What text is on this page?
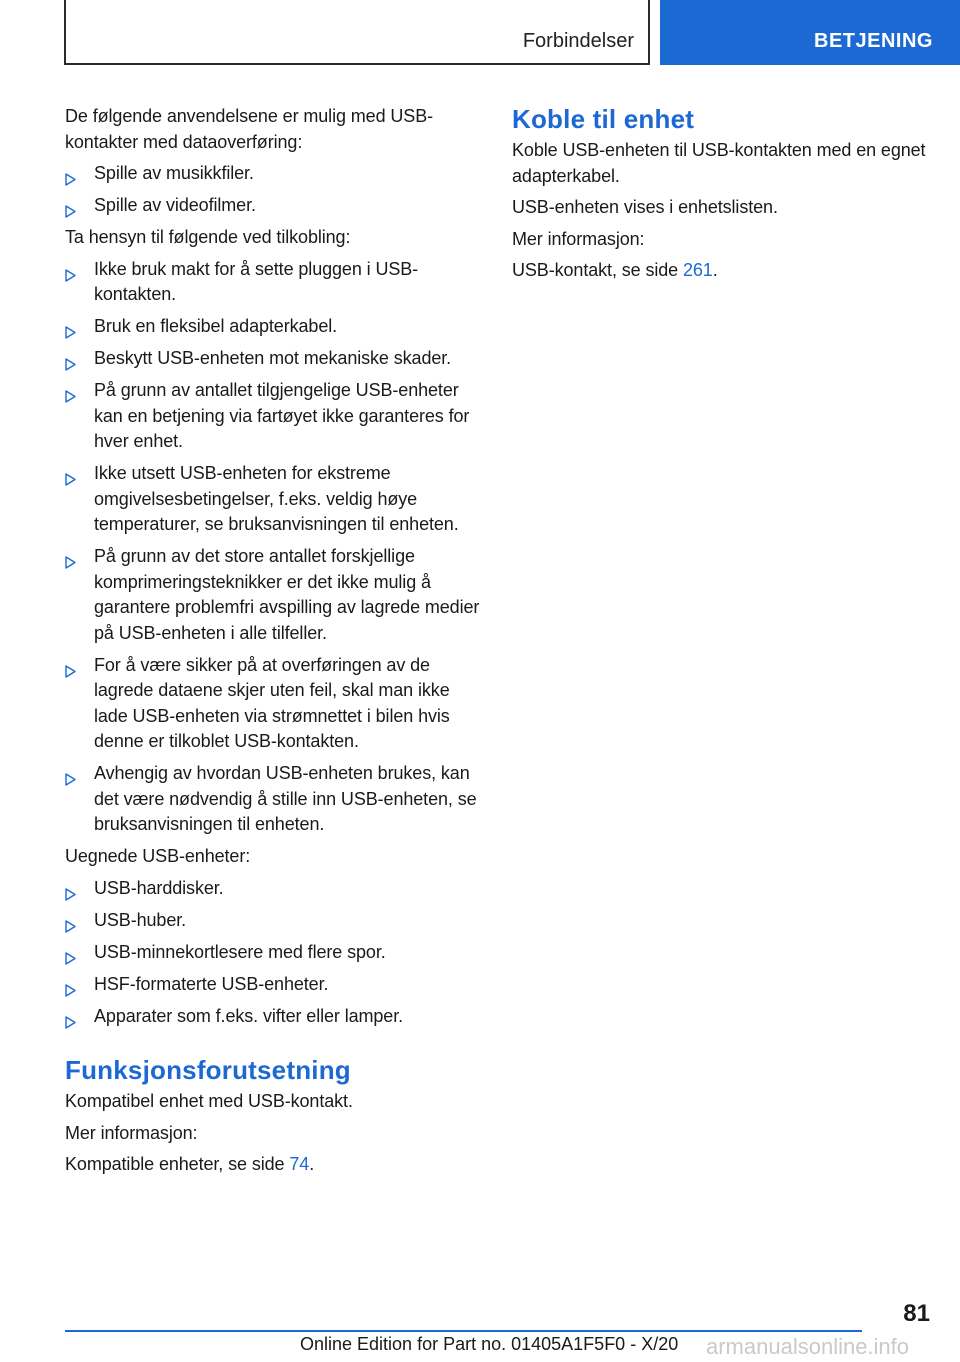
Forbindelser	BETJENING

De følgende anvendelsene er mulig med USB-kontakter med dataoverføring:

Spille av musikkfiler.
Spille av videofilmer.

Ta hensyn til følgende ved tilkobling:

Ikke bruk makt for å sette pluggen i USB-kontakten.
Bruk en fleksibel adapterkabel.
Beskytt USB-enheten mot mekaniske skader.
På grunn av antallet tilgjengelige USB-enheter kan en betjening via fartøyet ikke garanteres for hver enhet.
Ikke utsett USB-enheten for ekstreme omgivelsesbetingelser, f.eks. veldig høye temperaturer, se bruksanvisningen til enheten.
På grunn av det store antallet forskjellige komprimeringsteknikker er det ikke mulig å garantere problemfri avspilling av lagrede medier på USB-enheten i alle tilfeller.
For å være sikker på at overføringen av de lagrede dataene skjer uten feil, skal man ikke lade USB-enheten via strømnettet i bilen hvis denne er tilkoblet USB-kontakten.
Avhengig av hvordan USB-enheten brukes, kan det være nødvendig å stille inn USB-enheten, se bruksanvisningen til enheten.

Uegnede USB-enheter:

USB-harddisker.
USB-huber.
USB-minnekortlesere med flere spor.
HSF-formaterte USB-enheter.
Apparater som f.eks. vifter eller lamper.
Funksjonsforutsetning

Kompatibel enhet med USB-kontakt.

Mer informasjon:

Kompatible enheter, se side 74.

Koble til enhet

Koble USB-enheten til USB-kontakten med en egnet adapterkabel.

USB-enheten vises i enhetslisten.

Mer informasjon:

USB-kontakt, se side 261.

81
Online Edition for Part no. 01405A1F5F0 - X/20 armanualsonline.info
